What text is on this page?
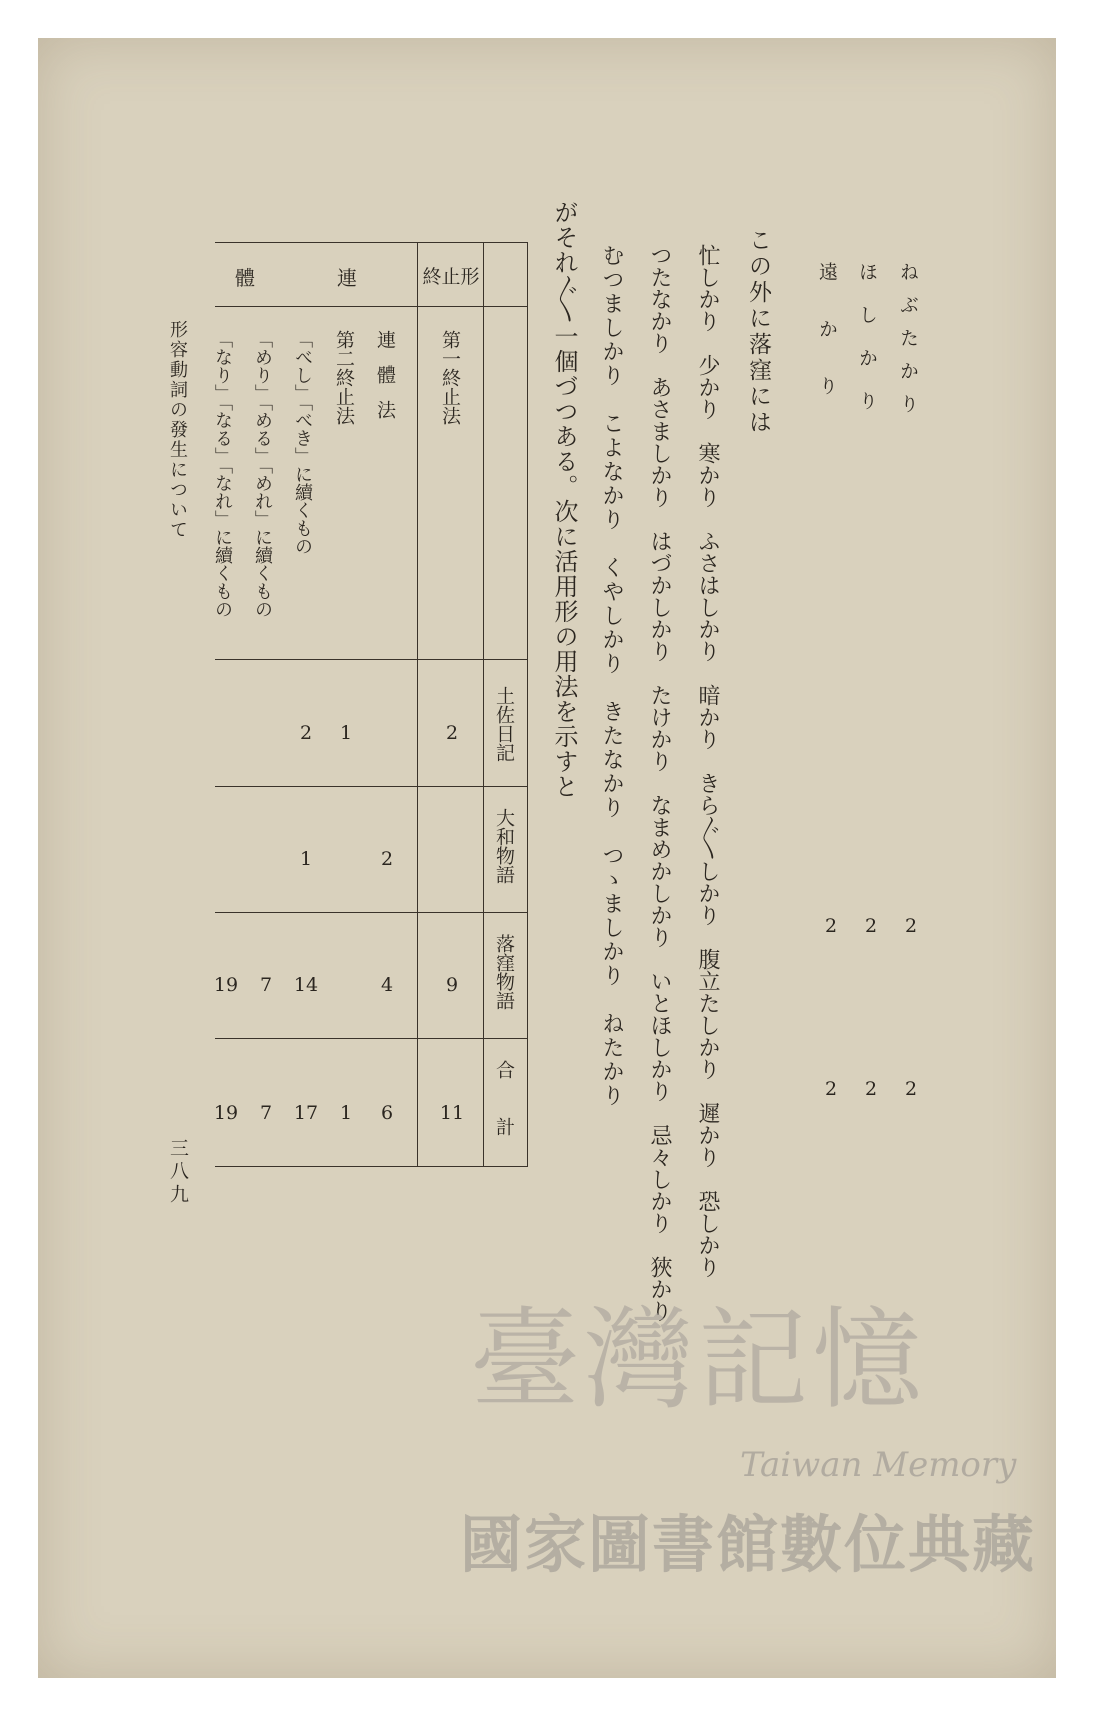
ねぶたかり
2
2
ほしかり
2
2
遠かり
2
2
この外に落窪には
忙しかり　少かり　寒かり　ふさはしかり　暗かり　きら〲しかり　腹立たしかり　遲かり　恐しかり
つたなかり　あさましかり　はづかしかり　たけかり　なまめかしかり　いとほしかり　忌々しかり　狹かり
むつましかり　こよなかり　くやしかり　きたなかり　つゝましかり　ねたかり
がそれ〲一個づつある。次に活用形の用法を示すと
土佐日記
大和物語
落窪物語
合計
終止形
連
體
第一終止法
連體法
第二終止法
「べし」「べき」に續くもの
「めり」「める」「めれ」に續くもの
「なり」「なる」「なれ」に續くもの
2
9
11
2
4
6
1
1
2
1
14
17
7
7
19
19
形容動詞の發生について
三八九
臺灣記憶
Taiwan Memory
國家圖書館數位典藏
